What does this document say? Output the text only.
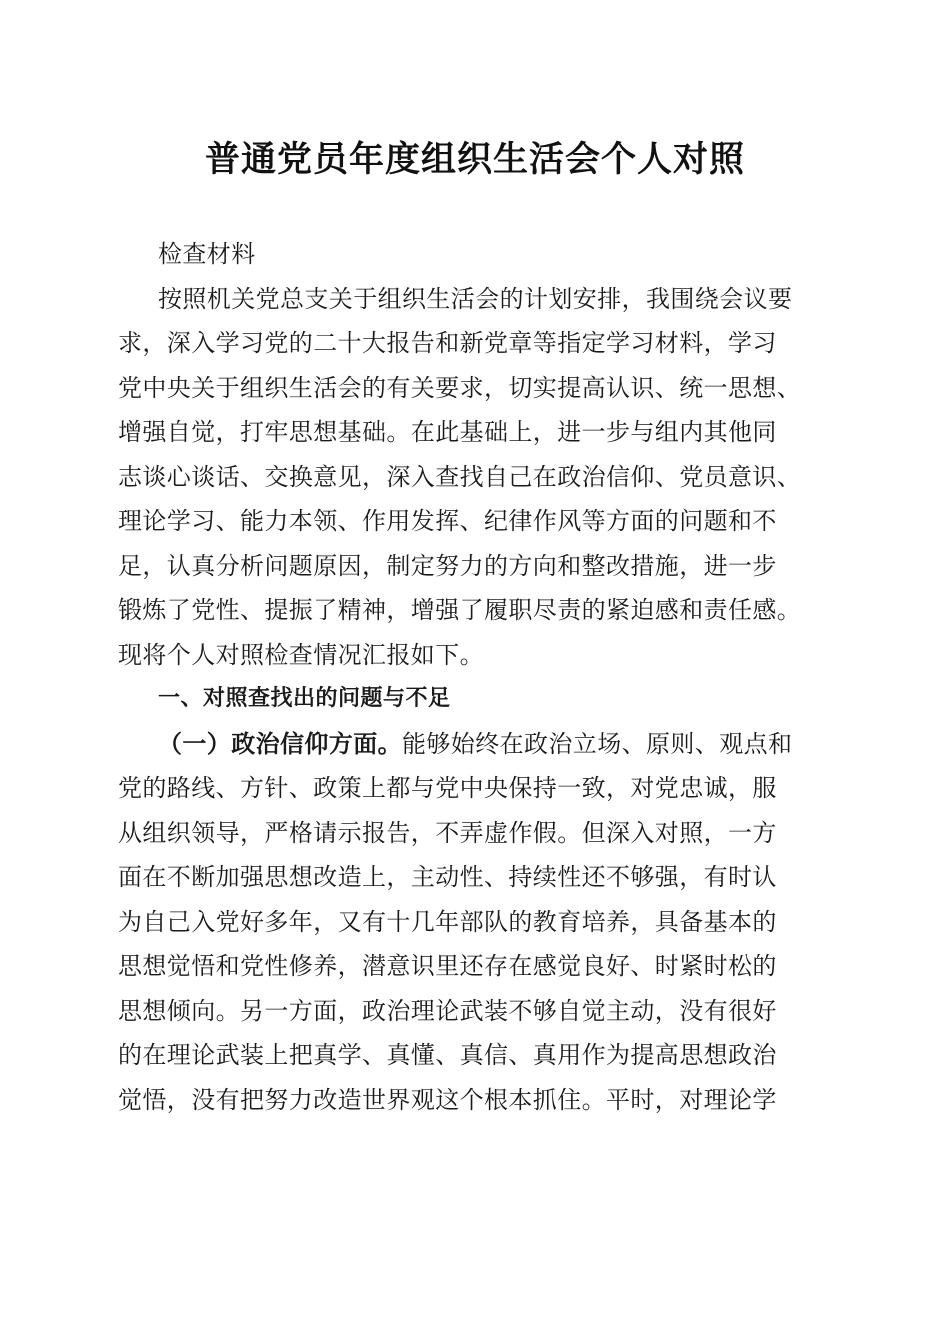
普通党员年度组织生活会个人对照
检查材料
按照机关党总支关于组织生活会的计划安排，我围绕会议要
求，深入学习党的二十大报告和新党章等指定学习材料，学习
党中央关于组织生活会的有关要求，切实提高认识、统一思想、
增强自觉，打牢思想基础。在此基础上，进一步与组内其他同
志谈心谈话、交换意见，深入查找自己在政治信仰、党员意识、
理论学习、能力本领、作用发挥、纪律作风等方面的问题和不
足，认真分析问题原因，制定努力的方向和整改措施，进一步
锻炼了党性、提振了精神，增强了履职尽责的紧迫感和责任感。
现将个人对照检查情况汇报如下。
一、对照查找出的问题与不足
（一）政治信仰方面。能够始终在政治立场、原则、观点和
党的路线、方针、政策上都与党中央保持一致，对党忠诚，服
从组织领导，严格请示报告，不弄虚作假。但深入对照，一方
面在不断加强思想改造上，主动性、持续性还不够强，有时认
为自己入党好多年，又有十几年部队的教育培养，具备基本的
思想觉悟和党性修养，潜意识里还存在感觉良好、时紧时松的
思想倾向。另一方面，政治理论武装不够自觉主动，没有很好
的在理论武装上把真学、真懂、真信、真用作为提高思想政治
觉悟，没有把努力改造世界观这个根本抓住。平时，对理论学
